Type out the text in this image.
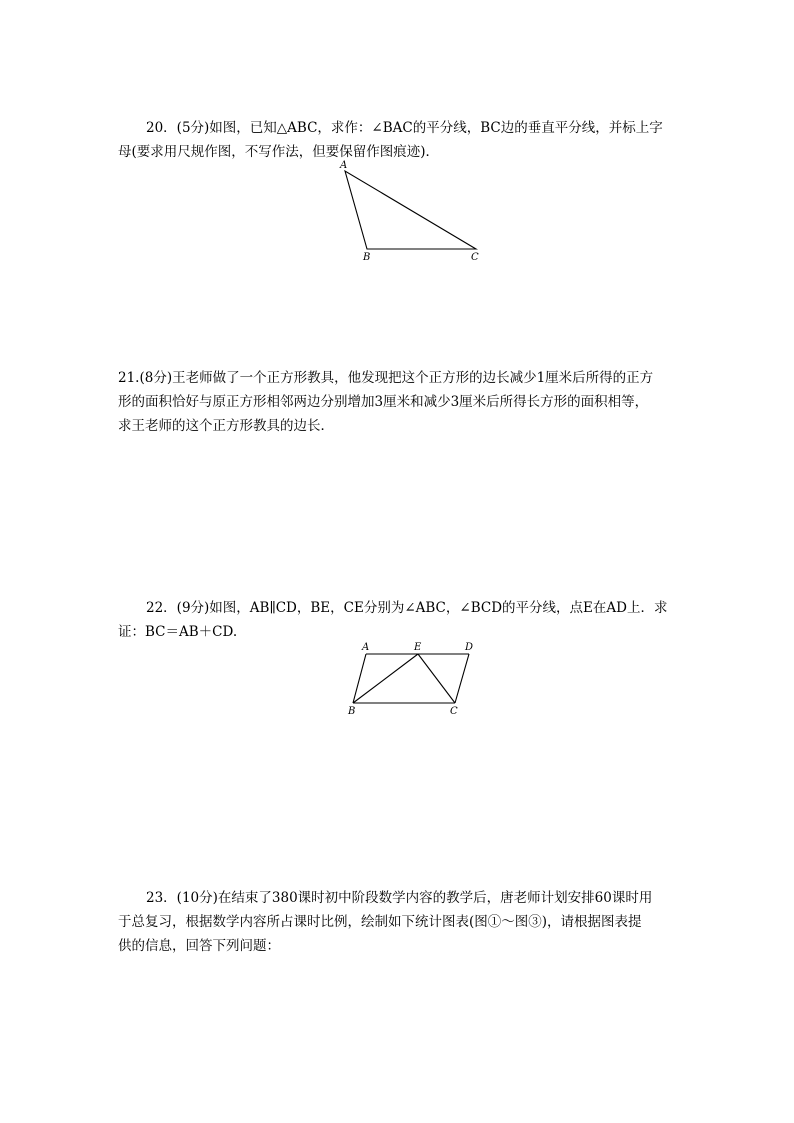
20．(5分)如图，已知△ABC，求作：∠BAC的平分线，BC边的垂直平分线，并标上字
母(要求用尺规作图，不写作法，但要保留作图痕迹)．
A
B	C
21.(8分)王老师做了一个正方形教具，他发现把这个正方形的边长减少1厘米后所得的正方
形的面积恰好与原正方形相邻两边分别增加3厘米和减少3厘米后所得长方形的面积相等，
求王老师的这个正方形教具的边长．
22．(9分)如图，AB∥CD，BE，CE分别为∠ABC，∠BCD的平分线，点E在AD上．求
证：BC＝AB＋CD.
A	E	D
B	C
23．(10分)在结束了380课时初中阶段数学内容的教学后，唐老师计划安排60课时用
于总复习，根据数学内容所占课时比例，绘制如下统计图表(图①～图③)，请根据图表提
供的信息，回答下列问题：
